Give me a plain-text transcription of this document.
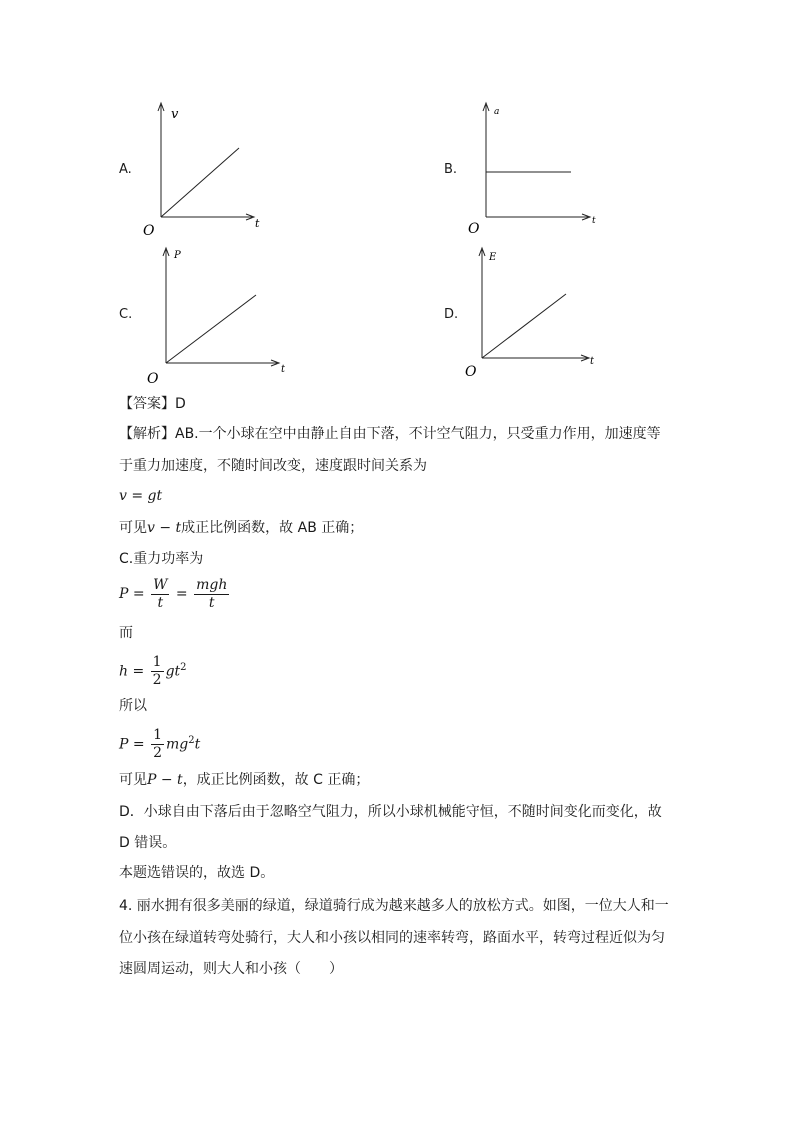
A.
v
t
O
B.
a
t
O
C.
P
t
O
D.
E
t
O
【答案】D
【解析】AB.一个小球在空中由静止自由下落，不计空气阻力，只受重力作用，加速度等
于重力加速度，不随时间改变，速度跟时间关系为
v = gt
可见v − t成正比例函数，故 AB 正确；
C.重力功率为
$P = \frac{W}{t} = \frac{\text{mgh}}{t}$
而
$h = \frac{1}{2} gt^2$
所以
$P = \frac{1}{2} mg^2t$
可见P − t，成正比例函数，故 C 正确；
D．小球自由下落后由于忽略空气阻力，所以小球机械能守恒，不随时间变化而变化，故
D 错误。
本题选错误的，故选 D。
4. 丽水拥有很多美丽的绿道，绿道骑行成为越来越多人的放松方式。如图，一位大人和一
位小孩在绿道转弯处骑行，大人和小孩以相同的速率转弯，路面水平，转弯过程近似为匀
速圆周运动，则大人和小孩（　　）
